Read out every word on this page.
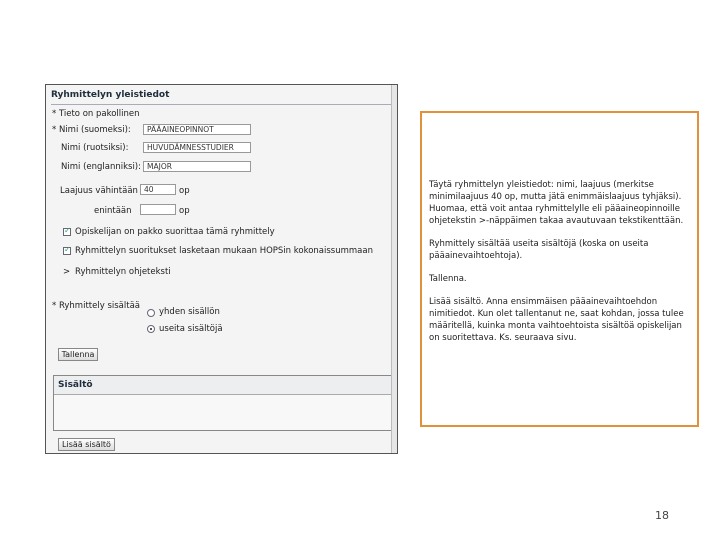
Ryhmittelyn yleistiedot
* Tieto on pakollinen
* Nimi (suomeksi):	PÄÄAINEOPINNOT
Nimi (ruotsiksi):	HUVUDÄMNESSTUDIER
Nimi (englanniksi): MAJOR
Laajuus vähintään 40	op
enintään	op
✓
Opiskelijan on pakko suorittaa tämä ryhmittely
✓
Ryhmittelyn suoritukset lasketaan mukaan HOPSin kokonaissummaan
> Ryhmittelyn ohjeteksti
* Ryhmittely sisältää
yhden sisällön
useita sisältöjä
Tallenna
Sisältö
Lisää sisältö

Täytä ryhmittelyn yleistiedot: nimi, laajuus (merkitse minimilaajuus 40 op, mutta jätä enimmäislaajuus tyhjäksi). Huomaa, että voit antaa ryhmittelylle eli pääaineopinnoille ohjetekstin >-näppäimen takaa avautuvaan tekstikenttään.

Ryhmittely sisältää useita sisältöjä (koska on useita pääainevaihtoehtoja).

Tallenna.

Lisää sisältö. Anna ensimmäisen pääainevaihtoehdon nimitiedot. Kun olet tallentanut ne, saat kohdan, jossa tulee määritellä, kuinka monta vaihtoehtoista sisältöä opiskelijan on suoritettava. Ks. seuraava sivu.

18
